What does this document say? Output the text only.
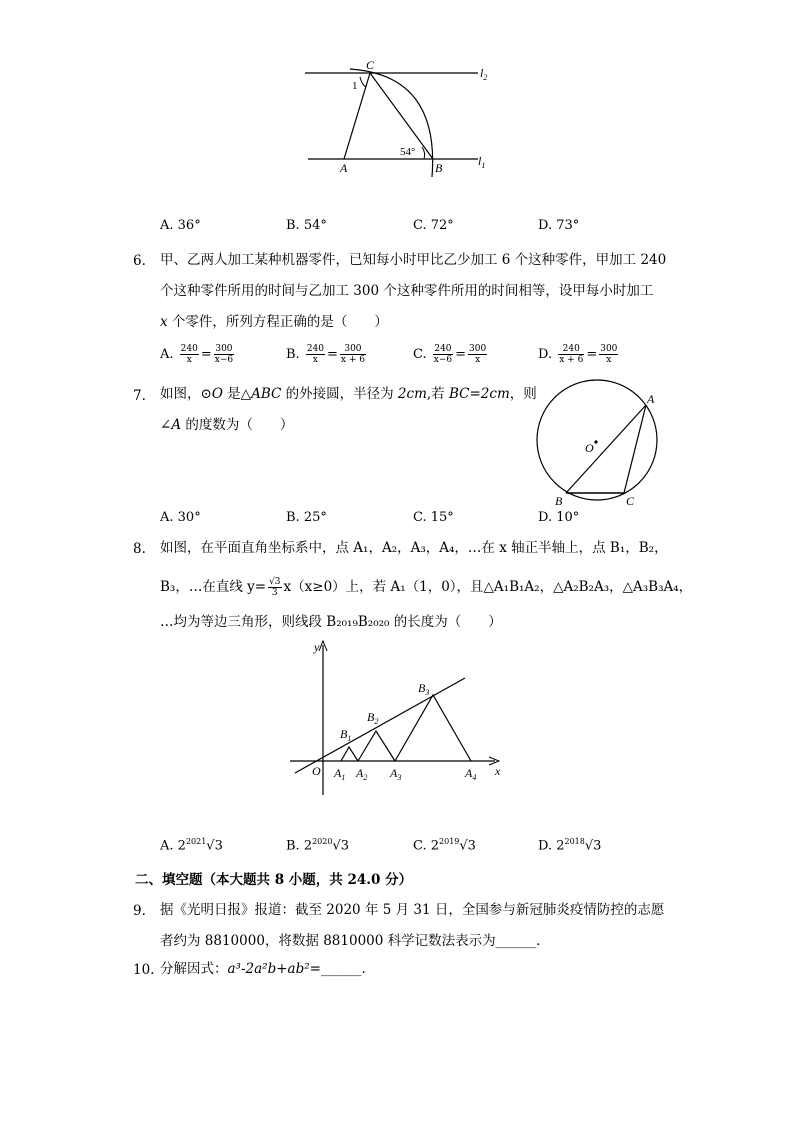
C
$l_2$
1
54°
A	B	$l_1$
A. 36°	B. 54°	C. 72°	D. 73°
6. 甲、乙两人加工某种机器零件，已知每小时甲比乙少加工 6 个这种零件，甲加工 240
个这种零件所用的时间与乙加工 300 个这种零件所用的时间相等，设甲每小时加工
x 个零件，所列方程正确的是（　　）
A. $\frac{240}{x} = \frac{300}{x-6}$	B. $\frac{240}{x} = \frac{300}{x + 6}$	C. $\frac{240}{x-6} = \frac{300}{x}$	D. $\frac{240}{x + 6} = \frac{300}{x}$
7. 如图，⊙O 是△ABC 的外接圆，半径为 2cm,若 BC=2cm，则
∠A 的度数为（　　）
A
O
B	C
A. 30°	B. 25°	C. 15°	D. 10°
8. 如图，在平面直角坐标系中，点 A₁，A₂，A₃，A₄，…在 x 轴正半轴上，点 B₁，B₂，
B₃，…在直线 $y= \frac{√3}{3} x(x\ge 0)$上，若 A₁（1，0），且△A₁B₁A₂，△A₂B₂A₃，△A₃B₃A₄，
…均为等边三角形，则线段 B₂₀₁₉B₂₀₂₀ 的长度为（　　）
y
x
O
$B_1$
$B_2$
$B_3$
$A_1$ $A_2$ $A_3$	$A_4$
A. $2^{2021}√3$	B. $2^{2020}√3$	C. $2^{2019}√3$	D. $2^{2018}√3$
二、填空题（本大题共 8 小题，共 24.0 分）
9. 据《光明日报》报道：截至 2020 年 5 月 31 日，全国参与新冠肺炎疫情防控的志愿
者约为 8810000，将数据 8810000 科学记数法表示为______．
10. 分解因式：a³-2a²b+ab²=______．
